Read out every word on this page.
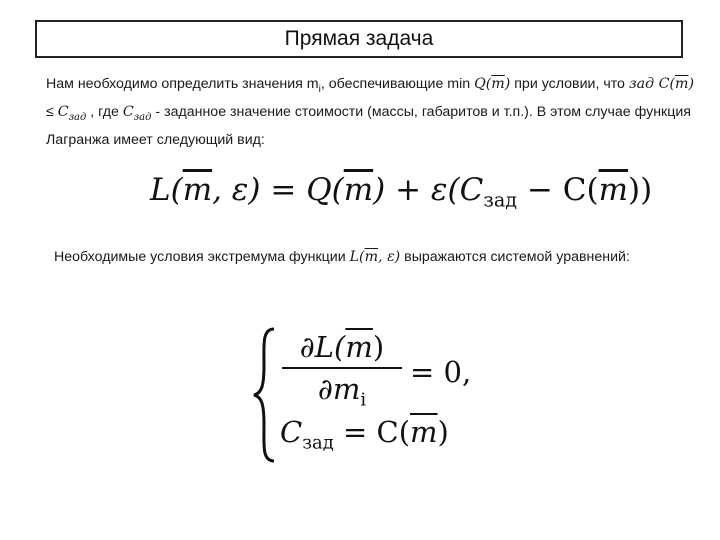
Прямая задача
Нам необходимо определить значения $m_i$, обеспечивающие $\min Q(\overline{m})$ при условии, что зад $C(\overline{m}) \le C_{зад}$ , где $C_{зад}$ - заданное значение стоимости (массы, габаритов и т.п.). В этом случае функция Лагранжа имеет следующий вид:
$L(\overline{m}$, $\varepsilon) = Q(\overline{m}) + \varepsilon(C_{зад} - C(\overline{m}))$
Необходимые условия экстремума функции $L(\overline{m}$, ε) выражаются системой уравнений:
$\partial L(\overline{m})$
$\partial m_i$
= 0,
$C_{зад} = C(\overline{m})$
